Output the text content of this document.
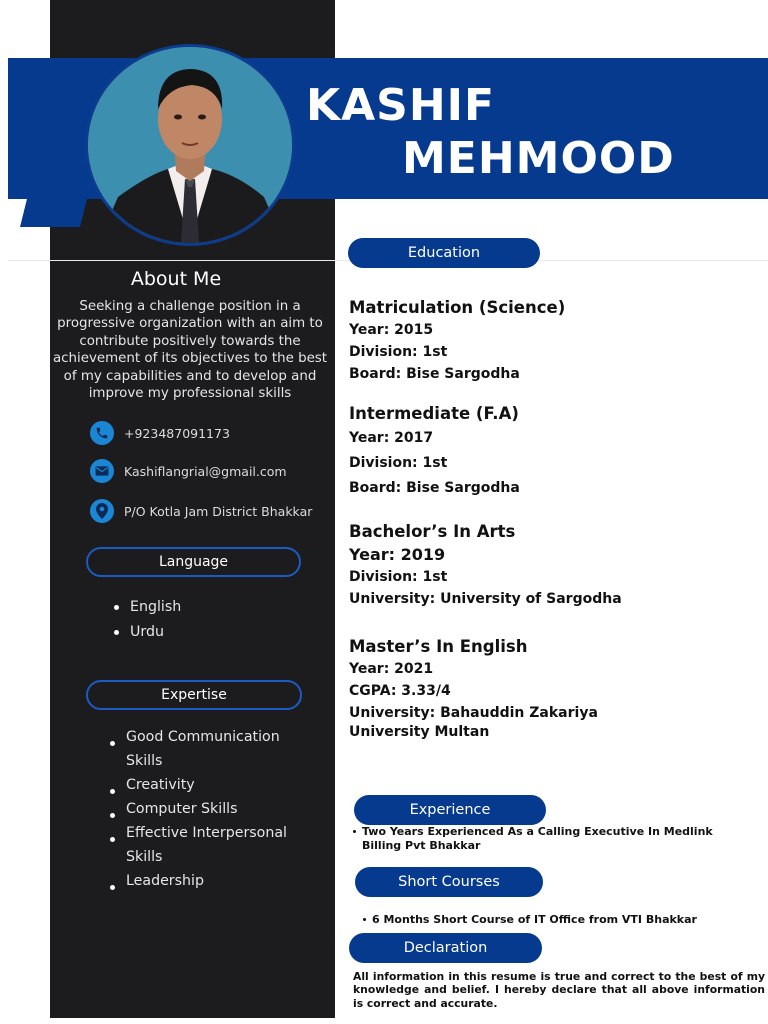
KASHIF
MEHMOOD
About Me

Seeking a challenge position in a progressive organization with an aim to contribute positively towards the achievement of its objectives to the best of my capabilities and to develop and improve my professional skills

+923487091173
Kashiflangrial@gmail.com
P/O Kotla Jam District Bhakkar
Language
English
Urdu
Expertise
Good Communication Skills
Creativity
Computer Skills
Effective Interpersonal Skills
Leadership
Education

Matriculation (Science)

Year: 2015

Division: 1st

Board: Bise Sargodha

Intermediate (F.A)

Year: 2017

Division: 1st

Board: Bise Sargodha

Bachelor’s In Arts

Year: 2019

Division: 1st

University: University of Sargodha

Master’s In English

Year: 2021

CGPA: 3.33/4

University: Bahauddin Zakariya

University Multan

Experience

Two Years Experienced As a Calling Executive In Medlink
Billing Pvt Bhakkar

Short Courses

6 Months Short Course of IT Office from VTI Bhakkar

Declaration

All information in this resume is true and correct to the best of my knowledge and belief. I hereby declare that all above information is correct and accurate.
